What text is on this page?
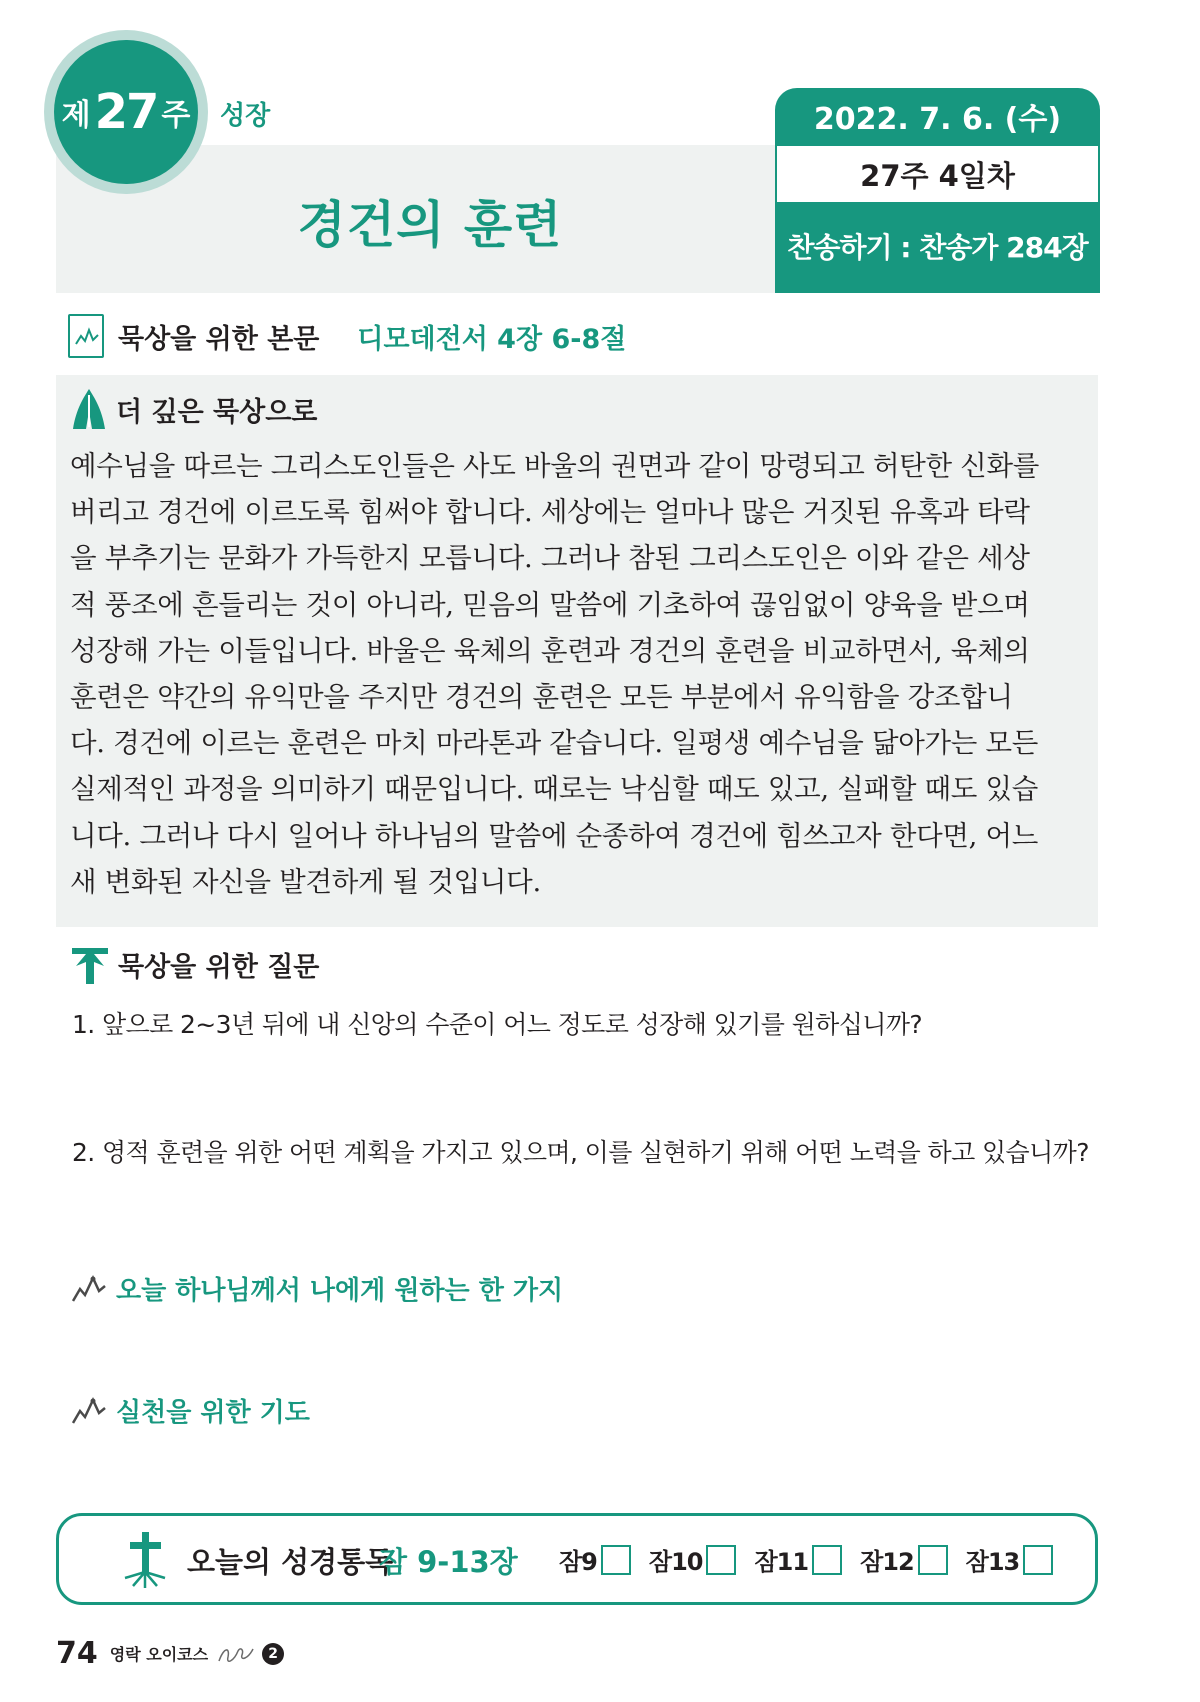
제 27 주 성장
경건의 훈련
2022. 7. 6. (수)
27주 4일차
찬송하기 : 찬송가 284장
묵상을 위한 본문 디모데전서 4장 6-8절
더 깊은 묵상으로
예수님을 따르는 그리스도인들은 사도 바울의 권면과 같이 망령되고 허탄한 신화를
버리고 경건에 이르도록 힘써야 합니다. 세상에는 얼마나 많은 거짓된 유혹과 타락
을 부추기는 문화가 가득한지 모릅니다. 그러나 참된 그리스도인은 이와 같은 세상
적 풍조에 흔들리는 것이 아니라, 믿음의 말씀에 기초하여 끊임없이 양육을 받으며
성장해 가는 이들입니다. 바울은 육체의 훈련과 경건의 훈련을 비교하면서, 육체의
훈련은 약간의 유익만을 주지만 경건의 훈련은 모든 부분에서 유익함을 강조합니
다. 경건에 이르는 훈련은 마치 마라톤과 같습니다. 일평생 예수님을 닮아가는 모든
실제적인 과정을 의미하기 때문입니다. 때로는 낙심할 때도 있고, 실패할 때도 있습
니다. 그러나 다시 일어나 하나님의 말씀에 순종하여 경건에 힘쓰고자 한다면, 어느
새 변화된 자신을 발견하게 될 것입니다.
묵상을 위한 질문
1. 앞으로 2~3년 뒤에 내 신앙의 수준이 어느 정도로 성장해 있기를 원하십니까?
2. 영적 훈련을 위한 어떤 계획을 가지고 있으며, 이를 실현하기 위해 어떤 노력을 하고 있습니까?
오늘 하나님께서 나에게 원하는 한 가지
실천을 위한 기도
오늘의 성경통독
잠 9-13장 잠9 잠10 잠11 잠12 잠13
74 영락 오이코스	2
